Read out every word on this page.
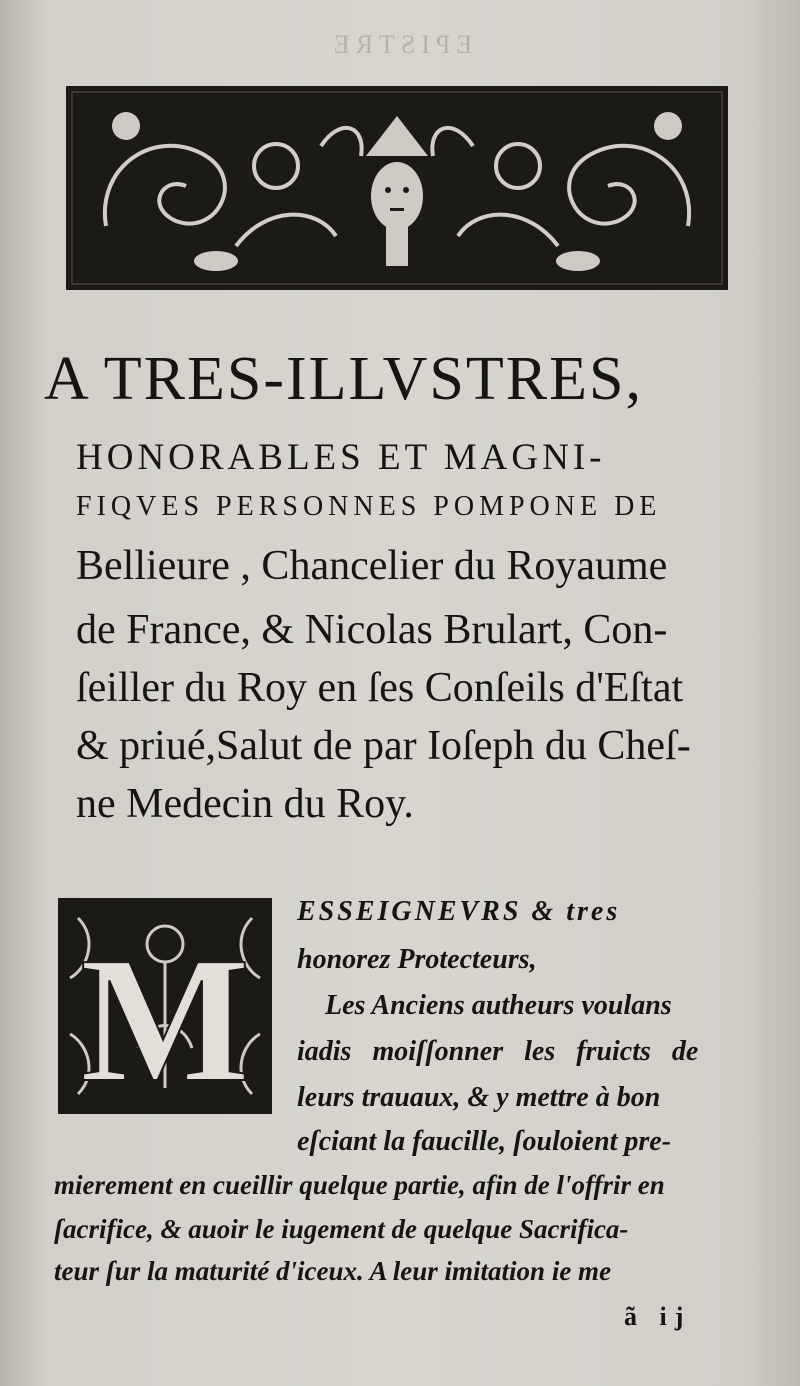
EPISTRE
A TRES-ILLVSTRES,
HONORABLES ET MAGNI-
FIQVES PERSONNES POMPONE DE
Bellieure , Chancelier du Royaume
de France, & Nicolas Brulart, Con-
ſeiller du Roy en ſes Conſeils d'Eſtat
& priué,Salut de par Ioſeph du Cheſ-
ne Medecin du Roy.
M
ESSEIGNEVRS & tres
honorez Protecteurs,
Les Anciens autheurs voulans
iadis moiſſonner les fruicts de
leurs trauaux, & y mettre à bon
eſciant la faucille, ſouloient pre-
mierement en cueillir quelque partie, afin de l'offrir en
ſacrifice, & auoir le iugement de quelque Sacrifica-
teur ſur la maturité d'iceux. A leur imitation ie me
ã ij
